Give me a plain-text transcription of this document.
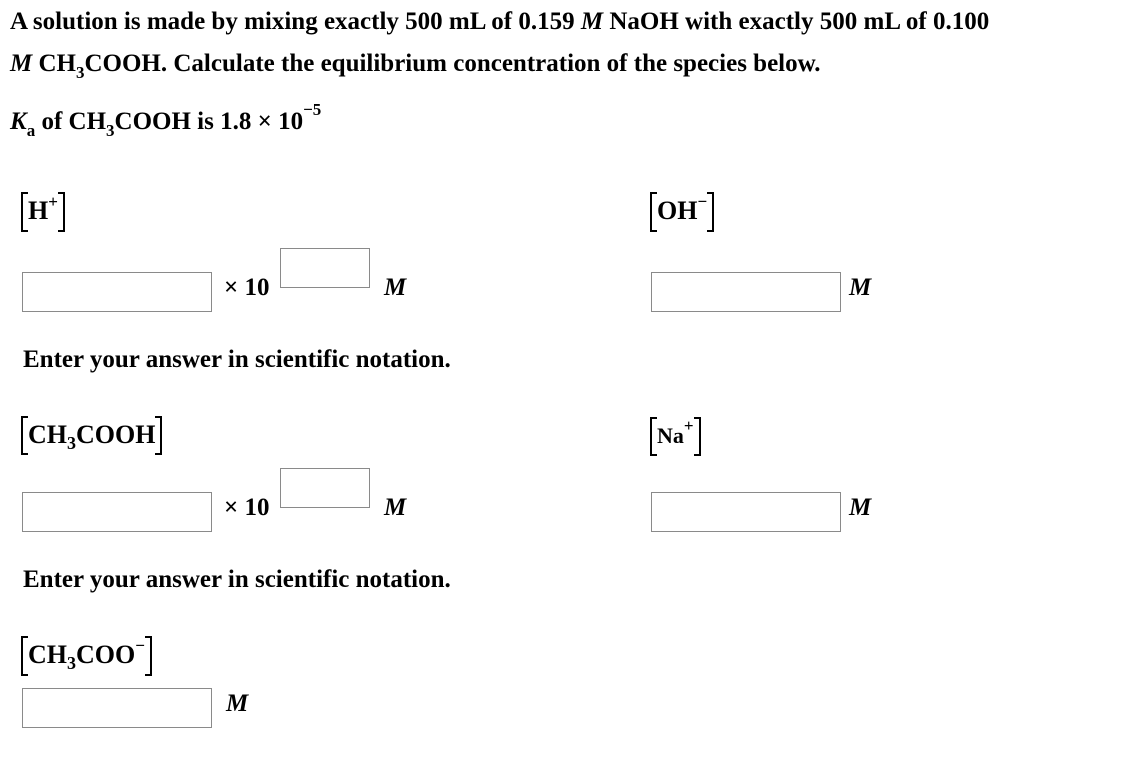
A solution is made by mixing exactly 500 mL of 0.159 M NaOH with exactly 500 mL of 0.100
M $CH_3COOH$. Calculate the equilibrium concentration of the species below.
$K_a$ of $CH_3COOH$ is $1.8 \times 10^{-5}$
H+
× 10	M
OH−
M
Enter your answer in scientific notation.
$CH_3COOH$
× 10	M
Na+
M
Enter your answer in scientific notation.
$CH_3COO^-$
M
